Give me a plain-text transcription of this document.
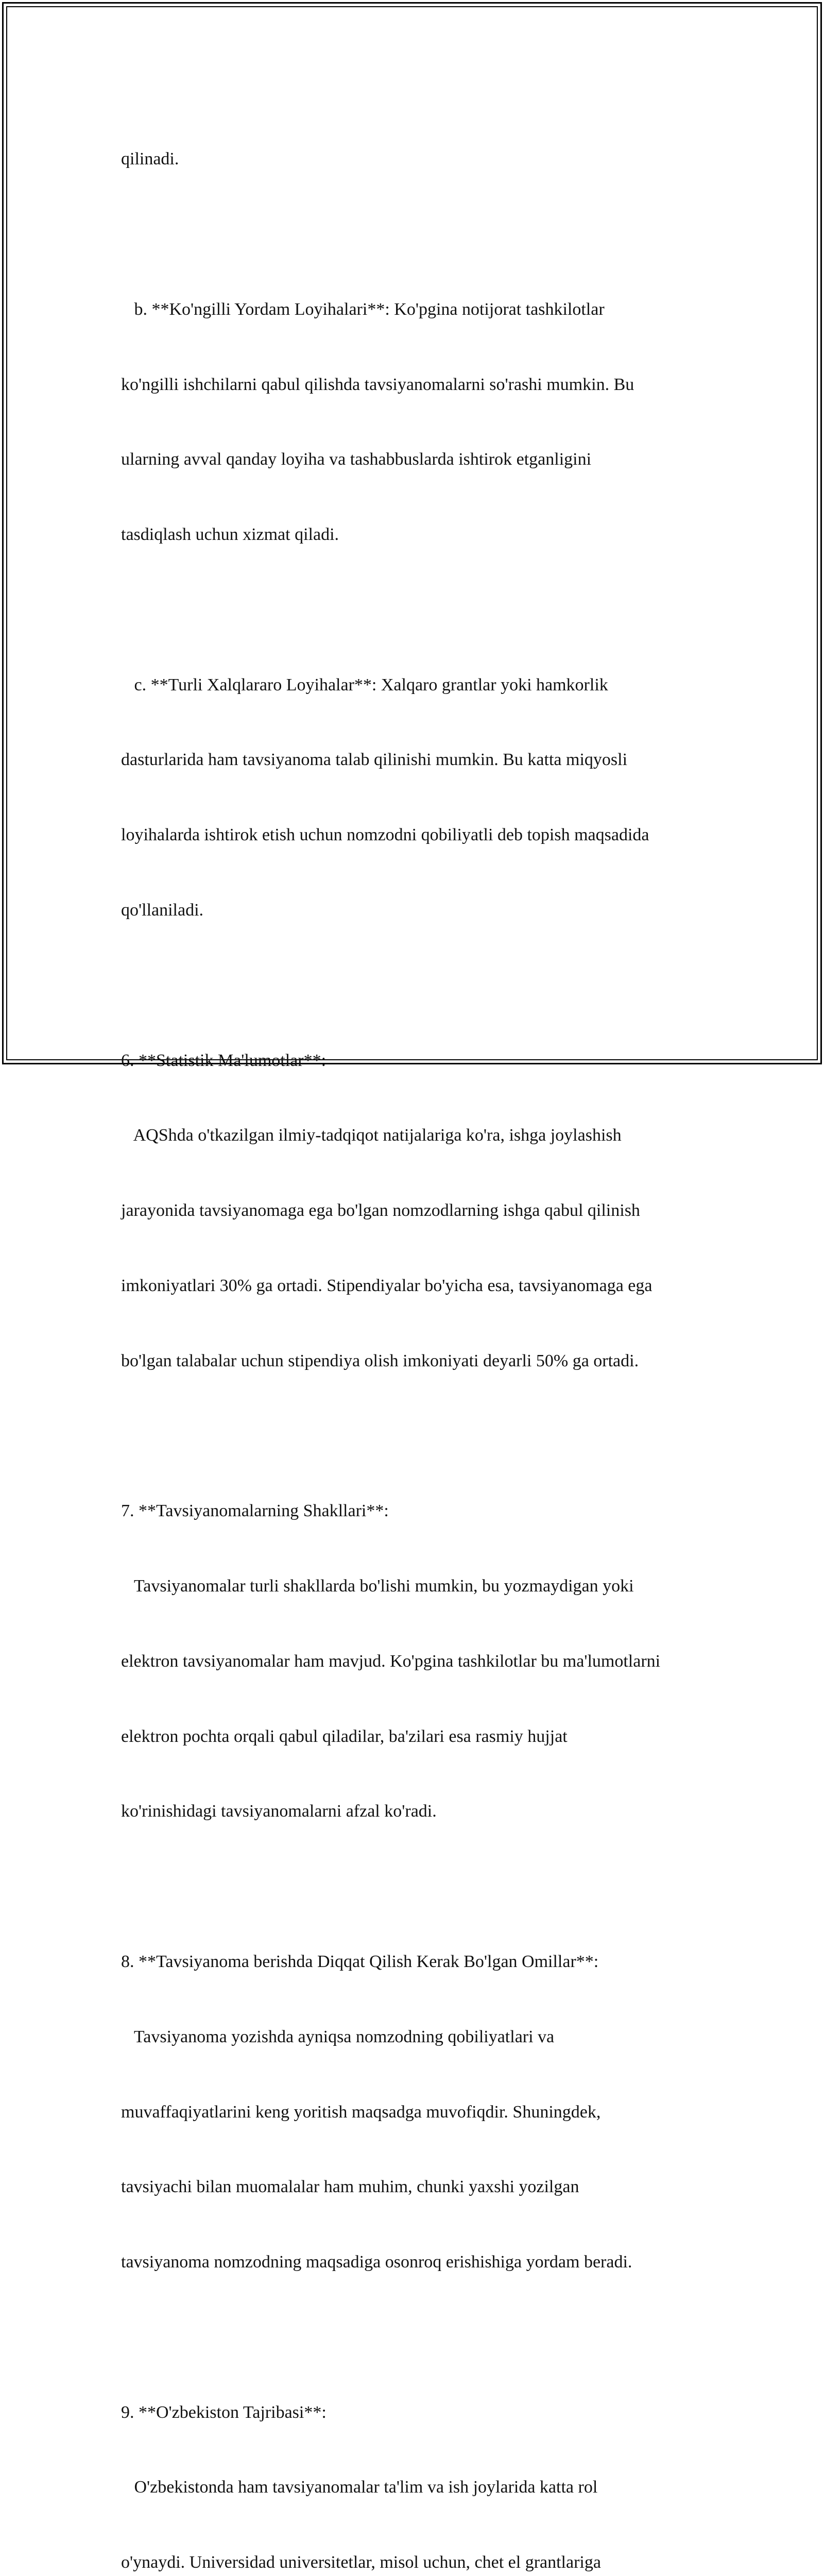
qilinadi.

b. **Ko'ngilli Yordam Loyihalari**: Ko'pgina notijorat tashkilotlar

ko'ngilli ishchilarni qabul qilishda tavsiyanomalarni so'rashi mumkin. Bu

ularning avval qanday loyiha va tashabbuslarda ishtirok etganligini

tasdiqlash uchun xizmat qiladi.

c. **Turli Xalqlararo Loyihalar**: Xalqaro grantlar yoki hamkorlik

dasturlarida ham tavsiyanoma talab qilinishi mumkin. Bu katta miqyosli

loyihalarda ishtirok etish uchun nomzodni qobiliyatli deb topish maqsadida

qo'llaniladi.

6. **Statistik Ma'lumotlar**:

AQShda o'tkazilgan ilmiy-tadqiqot natijalariga ko'ra, ishga joylashish

jarayonida tavsiyanomaga ega bo'lgan nomzodlarning ishga qabul qilinish

imkoniyatlari 30% ga ortadi. Stipendiyalar bo'yicha esa, tavsiyanomaga ega

bo'lgan talabalar uchun stipendiya olish imkoniyati deyarli 50% ga ortadi.

7. **Tavsiyanomalarning Shakllari**:

Tavsiyanomalar turli shakllarda bo'lishi mumkin, bu yozmaydigan yoki

elektron tavsiyanomalar ham mavjud. Ko'pgina tashkilotlar bu ma'lumotlarni

elektron pochta orqali qabul qiladilar, ba'zilari esa rasmiy hujjat

ko'rinishidagi tavsiyanomalarni afzal ko'radi.

8. **Tavsiyanoma berishda Diqqat Qilish Kerak Bo'lgan Omillar**:

Tavsiyanoma yozishda ayniqsa nomzodning qobiliyatlari va

muvaffaqiyatlarini keng yoritish maqsadga muvofiqdir. Shuningdek,

tavsiyachi bilan muomalalar ham muhim, chunki yaxshi yozilgan

tavsiyanoma nomzodning maqsadiga osonroq erishishiga yordam beradi.

9. **O'zbekiston Tajribasi**:

O'zbekistonda ham tavsiyanomalar ta'lim va ish joylarida katta rol

o'ynaydi. Universidad universitetlar, misol uchun, chet el grantlariga
